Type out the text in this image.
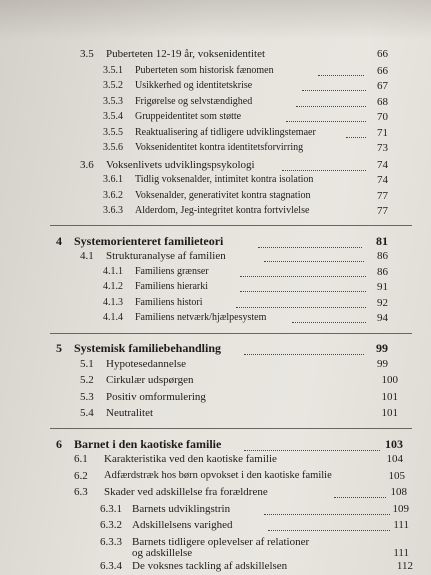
3.5 Puberteten 12-19 år, voksenidentitet	66
3.5.1 Puberteten som historisk fænomen	66
3.5.2 Usikkerhed og identitetskrise	67
3.5.3 Frigørelse og selvstændighed	68
3.5.4 Gruppeidentitet som støtte	70
3.5.5 Reaktualisering af tidligere udviklingstemaer	71
3.5.6 Voksenidentitet kontra identitetsforvirring	73
3.6 Voksenlivets udviklingspsykologi	74
3.6.1 Tidlig voksenalder, intimitet kontra isolation	74
3.6.2 Voksenalder, generativitet kontra stagnation	77
3.6.3 Alderdom, Jeg-integritet kontra fortvivlelse	77
4 Systemorienteret familieteori	81
4.1 Strukturanalyse af familien	86
4.1.1 Familiens grænser	86
4.1.2 Familiens hierarki	91
4.1.3 Familiens histori	92
4.1.4 Familiens netværk/hjælpesystem	94
5 Systemisk familiebehandling	99
5.1 Hypotesedannelse	99
5.2 Cirkulær udspørgen	100
5.3 Positiv omformulering	101
5.4 Neutralitet	101
6 Barnet i den kaotiske familie	103
6.1 Karakteristika ved den kaotiske familie	104
6.2 Adfærdstræk hos børn opvokset i den kaotiske familie	105
6.3 Skader ved adskillelse fra forældrene	108
6.3.1 Barnets udviklingstrin	109
6.3.2 Adskillelsens varighed	111
6.3.3 Barnets tidligere oplevelser af relationer
og adskillelse	111
6.3.4 De voksnes tackling af adskillelsen	112
